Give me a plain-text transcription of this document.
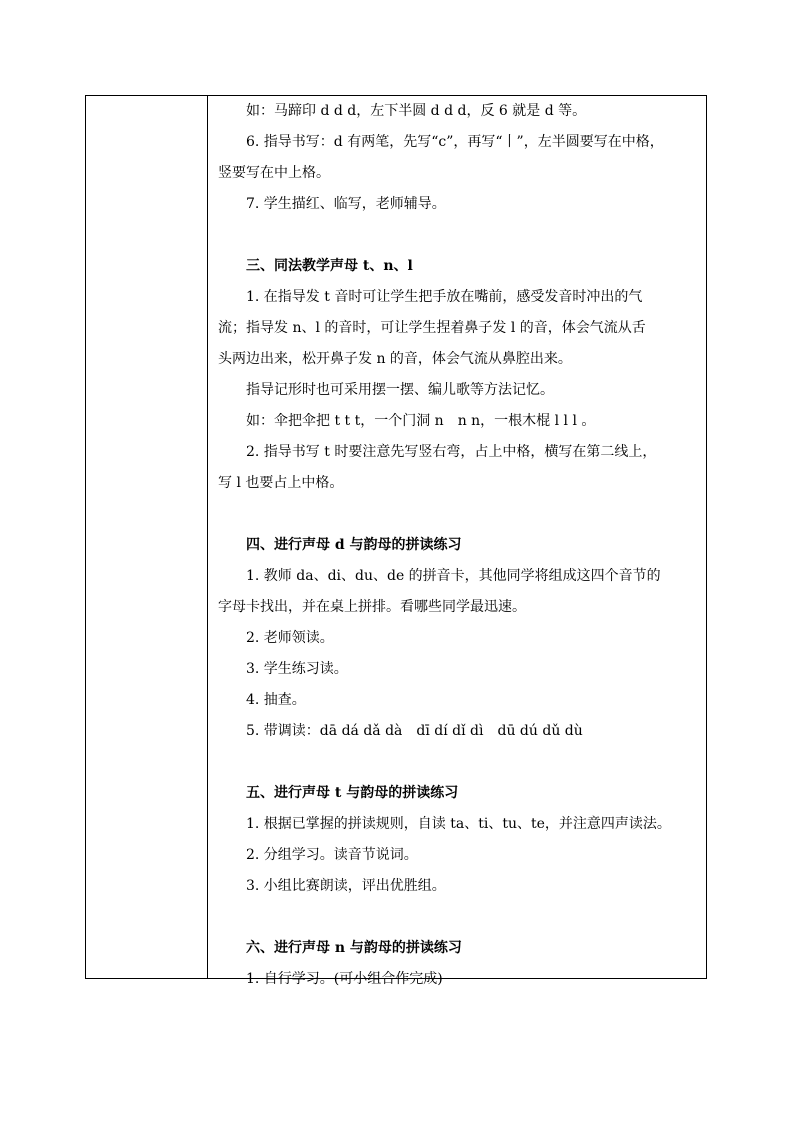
如：马蹄印 d d d，左下半圆 d d d，反 6 就是 d 等。
6. 指导书写：d 有两笔，先写“c”，再写“丨”，左半圆要写在中格，
竖要写在中上格。
7. 学生描红、临写，老师辅导。
三、同法教学声母 t、n、l
1. 在指导发 t 音时可让学生把手放在嘴前，感受发音时冲出的气
流；指导发 n、l 的音时，可让学生捏着鼻子发 l 的音，体会气流从舌
头两边出来，松开鼻子发 n 的音，体会气流从鼻腔出来。
指导记形时也可采用摆一摆、编儿歌等方法记忆。
如：伞把伞把 t t t，一个门洞 n　n n，一根木棍 l l l 。
2. 指导书写 t 时要注意先写竖右弯，占上中格，横写在第二线上，
写 l 也要占上中格。
四、进行声母 d 与韵母的拼读练习
1. 教师 da、di、du、de 的拼音卡，其他同学将组成这四个音节的
字母卡找出，并在桌上拼排。看哪些同学最迅速。
2. 老师领读。
3. 学生练习读。
4. 抽查。
5. 带调读：dā dá dǎ dà　dī dí dǐ dì　dū dú dǔ dù
五、进行声母 t 与韵母的拼读练习
1. 根据已掌握的拼读规则，自读 ta、ti、tu、te，并注意四声读法。
2. 分组学习。读音节说词。
3. 小组比赛朗读，评出优胜组。
六、进行声母 n 与韵母的拼读练习
1. 自行学习。(可小组合作完成)
